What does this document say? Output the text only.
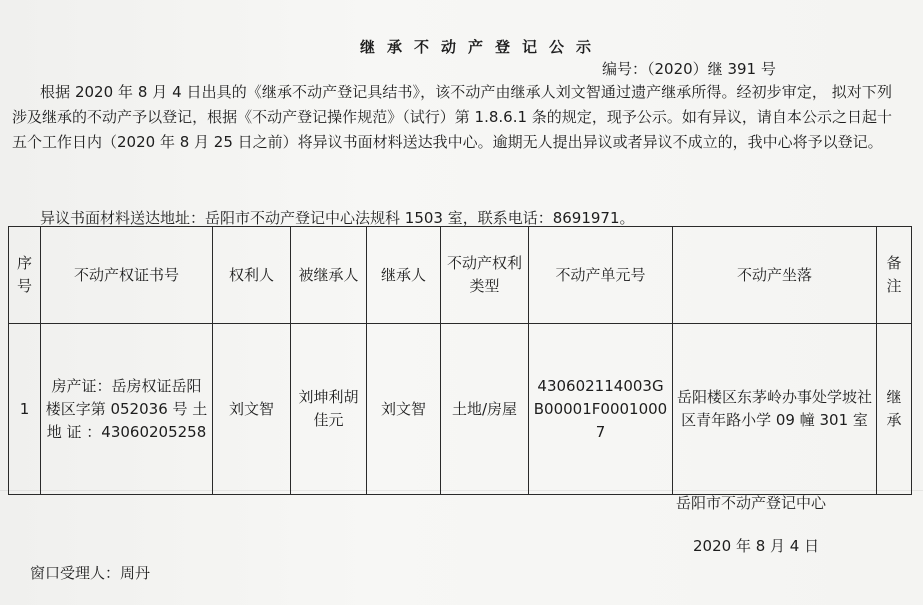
继承不动产登记公示
编号：（2020）继 391 号
根据 2020 年 8 月 4 日出具的《继承不动产登记具结书》，该不动产由继承人刘文智通过遗产继承所得。经初步审定， 拟对下列涉及继承的不动产予以登记，根据《不动产登记操作规范》（试行）第 1.8.6.1 条的规定，现予公示。如有异议，请自本公示之日起十五个工作日内（2020 年 8 月 25 日之前）将异议书面材料送达我中心。逾期无人提出异议或者异议不成立的，我中心将予以登记。
异议书面材料送达地址：岳阳市不动产登记中心法规科 1503 室，联系电话：8691971。
序号	不动产权证书号	权利人	被继承人	继承人	不动产权利类型	不动产单元号	不动产坐落	备注
1	房产证：岳房权证岳阳楼区字第 052036 号 土 地 证 ：43060205258	刘文智	刘坤利胡佳元	刘文智	土地/房屋	430602114003GB00001F00010007	岳阳楼区东茅岭办事处学坡社区青年路小学 09 幢 301 室	继承
岳阳市不动产登记中心
2020 年 8 月 4 日
窗口受理人：周丹
